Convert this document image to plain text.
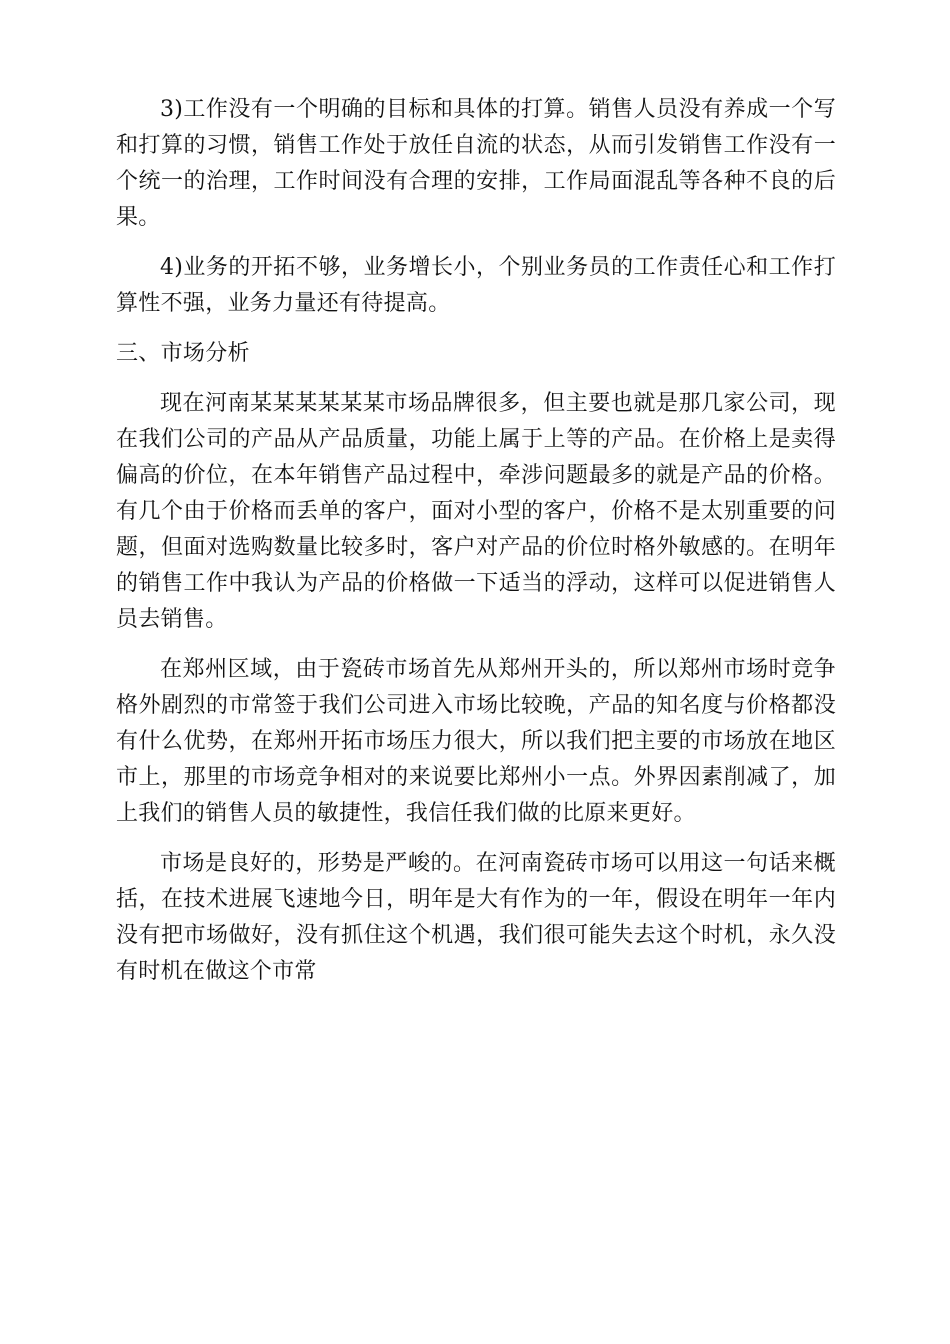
3)工作没有一个明确的目标和具体的打算。销售人员没有养成一个写和打算的习惯，销售工作处于放任自流的状态，从而引发销售工作没有一个统一的治理，工作时间没有合理的安排，工作局面混乱等各种不良的后果。

4)业务的开拓不够，业务增长小，个别业务员的工作责任心和工作打算性不强，业务力量还有待提高。

三、市场分析

现在河南某某某某某某市场品牌很多，但主要也就是那几家公司，现在我们公司的产品从产品质量，功能上属于上等的产品。在价格上是卖得偏高的价位，在本年销售产品过程中，牵涉问题最多的就是产品的价格。有几个由于价格而丢单的客户，面对小型的客户，价格不是太别重要的问题，但面对选购数量比较多时，客户对产品的价位时格外敏感的。在明年的销售工作中我认为产品的价格做一下适当的浮动，这样可以促进销售人员去销售。

在郑州区域，由于瓷砖市场首先从郑州开头的，所以郑州市场时竞争格外剧烈的市常签于我们公司进入市场比较晚，产品的知名度与价格都没有什么优势，在郑州开拓市场压力很大，所以我们把主要的市场放在地区市上，那里的市场竞争相对的来说要比郑州小一点。外界因素削减了，加上我们的销售人员的敏捷性，我信任我们做的比原来更好。

市场是良好的，形势是严峻的。在河南瓷砖市场可以用这一句话来概括，在技术进展飞速地今日，明年是大有作为的一年，假设在明年一年内没有把市场做好，没有抓住这个机遇，我们很可能失去这个时机，永久没有时机在做这个市常
